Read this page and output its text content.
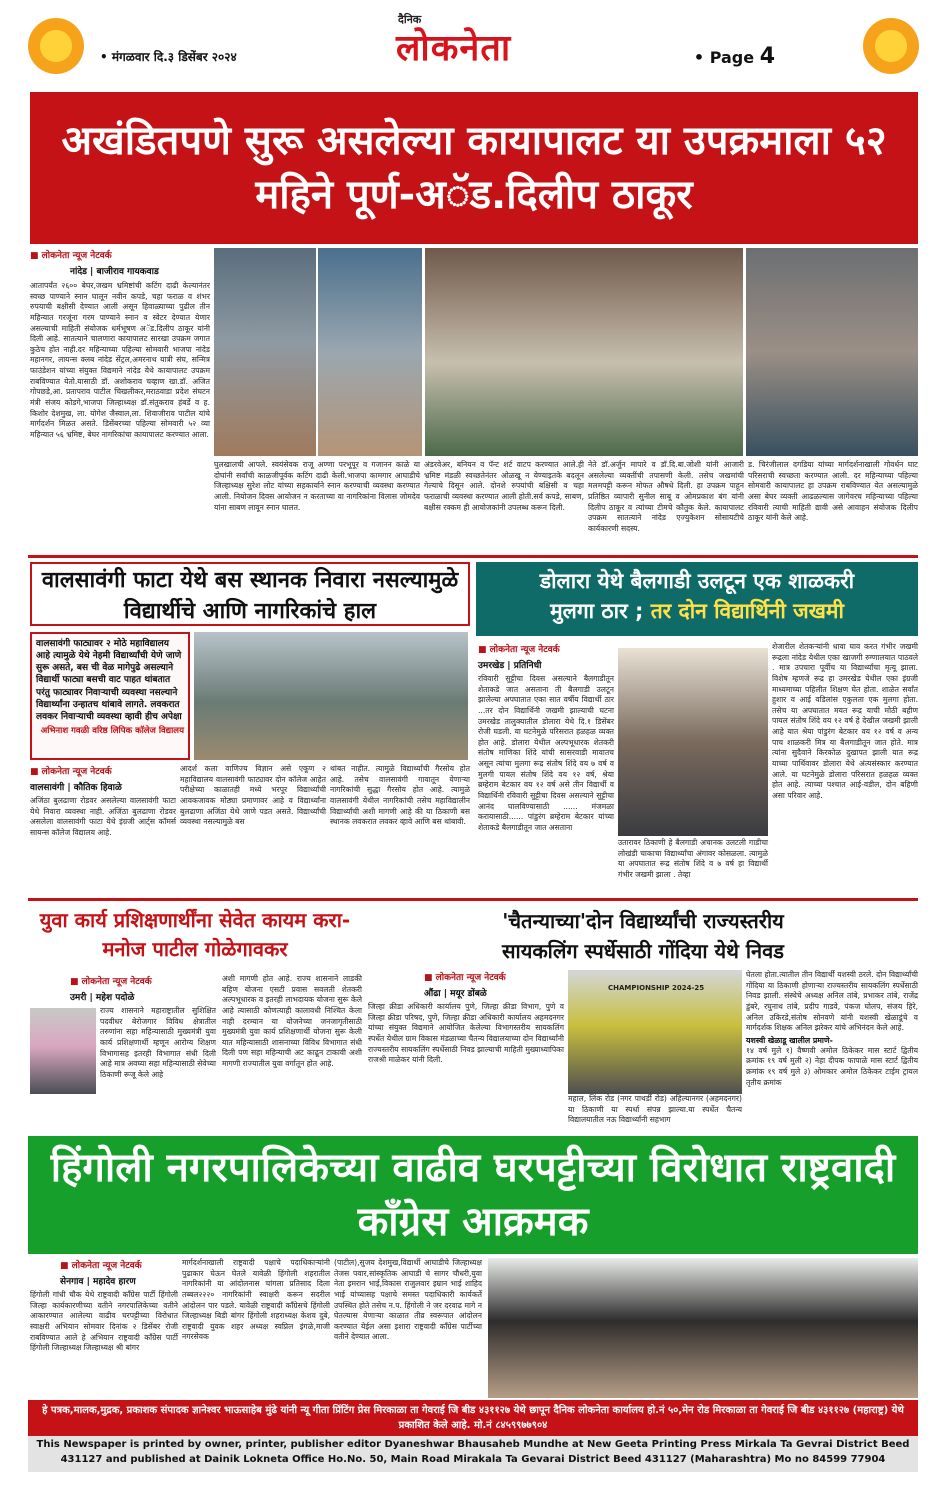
• मंगळवार दि.३ डिसेंबर २०२४
दैनिक
लोकनेता	• Page 4
अखंडितपणे सुरू असलेल्या कायापालट या उपक्रमाला ५२ महिने पूर्ण-अॅड.दिलीप ठाकूर
■ लोकनेता न्यूज नेटवर्क
नांदेड | बाजीराव गायकवाड
आतापर्यंत २६०० बेघर,जखम भ्रमिष्टांची कटिंग दाढी केल्यानंतर स्वच्छ पाण्याने स्नान घालून नवीन कपडे, चहा फराळ व शंभर रुपयाची बक्षीसी देण्यात आली असून हिवाळ्याच्या पुढील तीन महिन्यात गरजूंना गरम पाण्याने स्नान व स्वेटर देण्यात येणार असल्याची माहिती संयोजक धर्मभूषण अॅड.दिलीप ठाकूर यांनी दिली आहे. सातत्याने चालणारा कायापालट सारखा उपक्रम जगात कुठेच होत नाही.दर महिन्याच्या पहिल्या सोमवारी भाजपा नांदेड महानगर, लायन्स क्लब नांदेड सेंट्रल,अमरनाथ यात्री संघ, सन्मित्र फाउंडेशन यांच्या संयुक्त विद्यमाने नांदेड येथे कायापालट उपक्रम राबविण्यात येतो.यासाठी डॉ. अशोकराव चव्हाण खा.डॉ. अजित गोपछडे,आ. प्रतापराव पाटील चिखलीकर,मराठवाडा प्रदेश संघटन मंत्री संजय कोडगे,भाजपा जिल्हाध्यक्ष डॉ.संतुकराव हंबर्डे व ह. किशोर देशमुख, ला. योगेश जैस्वाल,ला. शिवाजीराव पाटील यांचे मार्गदर्शन मिळत असते. डिसेंबरच्या पहिल्या सोमवारी ५२ व्या महिन्यात ५६ भ्रमिष्ट, बेघर नागरिकांचा कायापालट करण्यात आला.
घुलखालची आपले. स्वयंसेवक राजू अण्णा परभूपूर व गजानन काळे या दोघांनी सर्वांची काळजीपूर्वक कटिंग दाढी केली.भाजपा कामगार आघाडीचे जिल्हाध्यक्ष सुरेश लोट यांच्या सहकार्याने स्नान करण्याची व्यवस्था करण्यात आली. नियोजन दिवस आयोजन न करताच्या वा नागरिकांना विलास जोमदेव यांना साबण लावून स्नान घालत.
अंडरवेअर, बनियन व पॅन्ट शर्ट वाटप करण्यात आले.ही भ्रमिष्ट मंडळी स्वच्छतेनंतर ओळखू न येण्याइतके बदलून गेल्याचे दिसून आले. दोनशे रुपयांची बक्षिसी व चहा फराळाची व्यवस्था करण्यात आली होती.सर्व कपडे, साबण, बक्षीस रक्कम ही आयोजकांनी उपलब्ध करून दिली.
नेते डॉ.अर्जुन मापारे व डॉ.दि.बा.जोशी यांनी आजारी असलेल्या व्यक्तींची तपासणी केली. तसेच जखमांची मलमपट्टी करून मोफत औषधे दिली. हा उपक्रम पाहून प्रतिष्ठित व्यापारी सुनील साबू व ओमप्रकाश बंग यांनी दिलीप ठाकूर व त्यांच्या टीमचे कौतुक केले. कायापालट उपक्रम सातत्याने नांदेड एज्युकेशन सोसायटीचे कार्यकारणी सदस्य.
ड. चिरंजीलाल दगडिया यांच्या मार्गदर्शनाखाली गोवर्धन घाट परिसराची स्वच्छता करण्यात आली. दर महिन्याच्या पहिल्या सोमवारी कायापालट हा उपक्रम राबविण्यात येत असल्यामुळे असा बेघर व्यक्ती आढळल्यास जागेवरच महिन्याच्या पहिल्या रविवारी त्याची माहिती द्यावी असे आवाहन संयोजक दिलीप ठाकूर यांनी केले आहे.
वालसावंगी फाटा येथे बस स्थानक निवारा नसल्यामुळे विद्यार्थीचे आणि नागरिकांचे हाल
वालसावंगी फाट्यावर २ मोठे महाविद्यालय आहे त्यामुळे येथे नेहमी विद्यार्थ्यांची येणे जाणे सुरू असते, बस ची वेळ मागेपुढे असल्याने विद्यार्थी फाट्या बसची वाट पाहत थांबतात परंतु फाट्यावर निवाऱ्याची व्यवस्था नसल्याने विद्यार्थ्यांना उन्हातच थांबावे लागते. लवकरात लवकर निवाऱ्याची व्यवस्था व्हावी हीच अपेक्षा
अभिनाश गवळी वरिष्ठ लिपिक कॉलेज विद्यालय
■ लोकनेता न्यूज नेटवर्क
वालसावंगी | कौतिक हिवाळे
अजिंठा बुलढाणा रोडवर असलेल्या वालसावंगी फाटा येथे निवारा व्यवस्था नाही. अजिंठा बुलढाणा रोडवर असलेला वालसावंगी फाटा येथे इंग्रजी आर्ट्स कॉमर्स सायन्स कॉलेज विद्यालय आहे.
आदर्श कला वाणिज्य विज्ञान असे एकूण २ महाविद्यालय वालसावंगी फाट्यावर दोन कॉलेज आहेत परीक्षेच्या काळातही मध्ये भरपूर विद्यार्थ्यांची आवकजावक मोठ्या प्रमाणावर आहे व विद्यार्थ्यांना बुलढाणा अजिंठा येथे जाणे पडत असते. विद्यार्थ्यांची व्यवस्था नसल्यामुळे बस
थांबत नाहीत. त्यामुळे विद्यार्थ्यांची गैरसोय होत आहे. तसेच वालसावंगी गावातून येणाऱ्या नागरिकांची सुद्धा गैरसोय होत आहे. त्यामुळे वालसावंगी येथील नागरिकांची तसेच महाविद्यालीन विद्यार्थ्यांची अशी मागणी आहे की या ठिकाणी बस स्थानक लवकरात लवकर व्हावे आणि बस थांबावी.
डोलारा येथे बैलगाडी उलटून एक शाळकरी
मुलगा ठार ; तर दोन विद्यार्थिनी जखमी
■ लोकनेता न्यूज नेटवर्क
उमरखेड | प्रतिनिधी
रविवारी सुट्टीचा दिवस असल्याने बैलगाडीतून शेताकडे जात असताना ती बैलगाडी उलटून झालेल्या अपघातात एका सात वर्षीय विद्यार्थी ठार ...तर दोन विद्यार्थिनी जखमी झाल्याची घटना उमरखेड तालुक्यातील डोलारा येथे दि.१ डिसेंबर रोजी घडली. या घटनेमुळे परिसरात हळहळ व्यक्त होत आहे. डोलारा येथील अल्पभूधारक शेतकरी संतोष माणिका शिंदे यांची सासरवाडी मावातच असून त्यांचा मुलगा रूद्र संतोष शिंदे वय ७ वर्ष व मुलगी पायल संतोष शिंदे वय १२ वर्ष, श्रेया ब्रम्हेराम बेटकार वय १२ वर्ष असे तीन विद्यार्थी व विद्यार्थिनी रविवारी सुट्टीचा दिवस असल्याने सुट्टीचा आनंद घालविण्यासाठी ...... मंजमळा करायासाठी...... पांडुरंग ब्रम्हेराम बेटकार यांच्या शेताकडे बैलगाडीतून जात असताना
उतारावर ठिकाणी हे बैलगाडी अचानक उलटली गाडीचा लोखंडी चाकाचा विद्यार्थ्यांचा अंगावर कोसळला. त्यामुळे या अपघातात रूद्र संतोष शिंदे व ७ वर्ष हा विद्यार्थी गंभीर जखमी झाला . तेव्हा
शेजारील शेतकऱ्यांनी धावा घाव करत गंभीर जखमी रूद्रला नांदेड येथील एका खाजगी रुग्णालयात पाठवले . मात्र उपचारा पूर्वीच या विद्यार्थ्यांचा मृत्यू झाला. विशेष म्हणजे रूद्र हा उमरखेड येथील एका इंग्रजी माध्यमाच्या पहिलीत शिक्षण घेत होता. शाळेत सर्वांत हुशार व आई वडिलांस एकुलता एक मुलगा होता. तसेच या अपघातात मयत रूद्र याची मोठी बहीण पायल संतोष शिंदे वय १२ वर्ष हे देखील जखमी झाली आहे यात श्रेया पांडुरंग बेटकार वय १२ वर्ष व अन्य पाच शाळकरी मित्र या बैलगाडीतून जात होते. मात्र त्यांना सुदैवाने किरकोळ दुखापत झाली यात रूद्र याच्या पार्थिवावर डोलारा येथे अंत्यसंस्कार करण्यात आले. या घटनेमुळे डोलारा परिसरात हळहळ व्यक्त होत आहे. त्याच्या पश्चात आई-वडील, दोन बहिणी असा परिवार आहे.
युवा कार्य प्रशिक्षणार्थींना सेवेत कायम करा-मनोज पाटील गोळेगावकर
■ लोकनेता न्यूज नेटवर्क
उमरी | महेश पदोळे
राज्य शासनाने महाराष्ट्रातील सुशिक्षित पदवीधर बेरोजगार विविध क्षेत्रातील तरुणांना सहा महिन्यासाठी मुख्यमंत्री युवा कार्य प्रशिक्षणार्थी म्हणून आरोग्य शिक्षण विभागासह इतरही विभागात संधी दिली आहे मात्र अवघ्या सहा महिन्यासाठी सेवेच्या ठिकाणी रूजू केले आहे
अशी मागणी होत आहे. राज्य शासनाने लाडकी बहिण योजना एसटी प्रवास सवलती शेतकरी अल्पभूधारक व इतरही लाभदायक योजना सुरू केले आहे त्यासाठी कोणत्याही कालावधी निश्चित केला नाही दरम्यान या योजनेच्या जनजागृतीसाठी मुख्यमंत्री युवा कार्य प्रशिक्षणार्थी योजना सुरू केली यात महिन्यासाठी शासनाच्या विविध विभागात संधी दिली पण सहा महिन्याची अट काढून टाकावी अशी मागणी राज्यातील युवा वर्गातून होत आहे.
'चैतन्याच्या'दोन विद्यार्थ्यांची राज्यस्तरीय
सायकलिंग स्पर्धेसाठी गोंदिया येथे निवड
■ लोकनेता न्यूज नेटवर्क
औंढा | मयूर डोंबळे
जिल्हा क्रीडा अधिकारी कार्यालय पुणे, जिल्हा क्रीडा विभाग, पुणे व जिल्हा क्रीडा परिषद, पुणे, जिल्हा क्रीडा अधिकारी कार्यालय अहमदनगर यांच्या संयुक्त विद्यमाने आयोजित केलेल्या विभागस्तरीय सायकलिंग स्पर्धेत येथील ग्राम विकास मंडळाच्या चैतन्य विद्यालयाच्या दोन विद्यार्थ्यांनी राज्यस्तरीय सायकलिंग स्पर्धेसाठी निवड झाल्याची माहिती मुख्याध्यापिका राजश्री माळेकर यांनी दिली.
CHAMPIONSHIP 2024-25
महाल, लिंक रोड (नगर पाथर्डी रोड) अहिल्यानगर (अहमदनगर) या ठिकाणी या स्पर्धा संपन्न झाल्या.या स्पर्धेत चैतन्य विद्यालयातील नऊ विद्यार्थ्यांनी सहभाग
घेतला होता.त्यातील तीन विद्यार्थी यशस्वी ठरले. दोन विद्यार्थ्यांची गोंदिया या ठिकाणी होणाऱ्या राज्यस्तरीय सायकलिंग स्पर्धेसाठी निवड झाली. संस्थेचे अध्यक्ष अनिल तांबे, प्रभाकर तांबे, राजेंद्र डुंबरे, रघुनाथ तांबे, प्रदीप गाडवे, पंकज घोलप, संजय हिरे, अनिल उकिरडे,संतोष सोनवणे यांनी यशस्वी खेळाडूंचे व मार्गदर्शक शिक्षक अनिल झरेकर यांचे अभिनंदन केले आहे.
यशस्वी खेळाडू खालील प्रमाणे-
१४ वर्ष मुले १) वैष्णवी अमोल ठिकेकर मास स्टार्ट द्वितीय क्रमांक १९ वर्ष मुली २) नेहा दीपक फापाळे मास स्टार्ट द्वितीय क्रमांक १९ वर्ष मुले ३) ओमकार अमोल ठिकेकर टाईम ट्रायल तृतीय क्रमांक
हिंगोली नगरपालिकेच्या वाढीव घरपट्टीच्या विरोधात राष्ट्रवादी कॉंग्रेस आक्रमक
■ लोकनेता न्यूज नेटवर्क
सेनगाव | महादेव हारण
हिंगोली गांधी चौक येथे राष्ट्रवादी कॉंग्रेस पार्टी हिंगोली जिल्हा कार्यकारणीच्या वतीने नगरपालिकेच्या वतीने आकारण्यात आलेल्या वाढीव घरपट्टीच्या विरोधात स्वाक्षरी अभियान सोमवार दिनांक २ डिसेंबर रोजी राबविण्यात आले हे अभियान राष्ट्रवादी कॉंग्रेस पार्टी हिंगोली जिल्हाध्यक्ष जिल्हाध्यक्ष श्री बांगर
मार्गदर्शनाखाली राष्ट्रवादी पक्षाचे पदाधिकाऱ्यांनी पुढाकार घेऊन घेतले यावेळी हिंगोली शहरातील नागरिकांनी या आंदोलनास चांगला प्रतिसाद दिला तब्बल२२२० नागरिकांनी स्वाक्षरी करून सदरील आंदोलन पार पडले. यावेळी राष्ट्रवादी कॉंग्रेसचे हिंगोली जिल्हाध्यक्ष बिडी बांगर हिंगोली शहराध्यक्ष केशव दुबे, राष्ट्रवादी युवक शहर अध्यक्ष स्वप्निल इंगळे,माजी नगरसेवक
(पाटील),सुजय देशमुख,विद्यार्थी आघाडीचे जिल्हाध्यक्ष तेजस पवार,सांस्कृतिक आघाडी चे सागर चौधरी,युवा नेता इमरान भाई,विकास राजुलवार इम्रान भाई शाहिद भाई यांच्यासह पक्षाचे समस्त पदाधिकारी कार्यकर्ते उपस्थित होते तसेच न.प. हिंगोली ने जर दरवाढ मागे न घेतल्यास येणाऱ्या काळात तीव्र स्वरूपात आंदोलन करण्यात येईल असा इशारा राष्ट्रवादी कॉंग्रेस पार्टीच्या वतीने देण्यात आला.
हे पत्रक,मालक,मुद्रक, प्रकाशक संपादक ज्ञानेश्वर भाऊसाहेब मुंढे यांनी न्यू गीता प्रिंटिंग प्रेस मिरकाळा ता गेवराई जि बीड ४३११२७ येथे छापून दैनिक लोकनेता कार्यालय हो.नं ५०,मेन रोड मिरकाळा ता गेवराई जि बीड ४३११२७ (महाराष्ट्र) येथे प्रकाशित केले आहे. मो.नं ८४५९९७७९०४
This Newspaper is printed by owner, printer, publisher editor Dyaneshwar Bhausaheb Mundhe at New Geeta Printing Press Mirkala Ta Gevrai District Beed 431127 and published at Dainik Lokneta Office Ho.No. 50, Main Road Mirakala Ta Gevarai District Beed 431127 (Maharashtra) Mo no 84599 77904
